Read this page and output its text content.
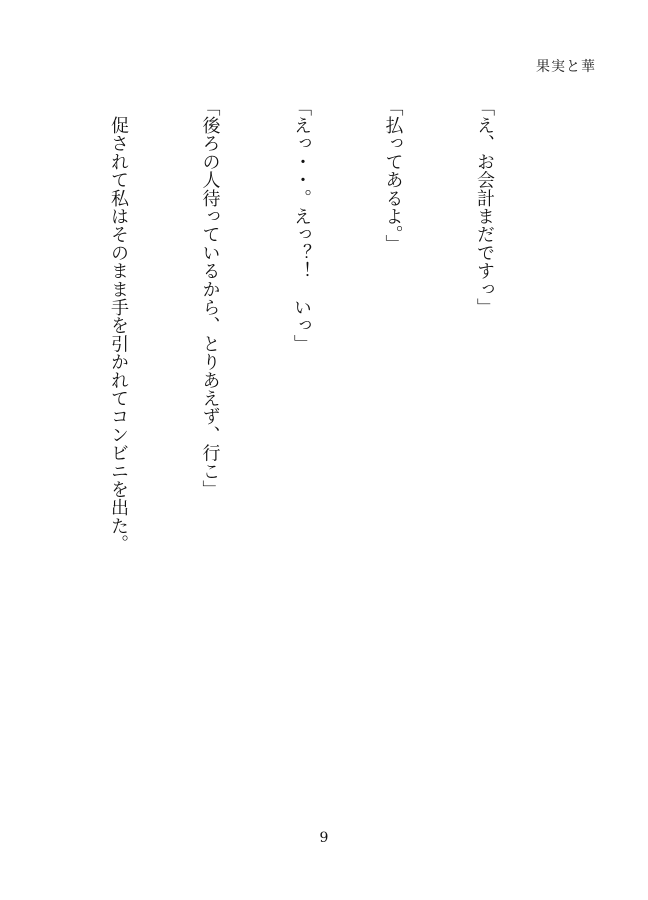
果実と華

「え、お会計まだですっ」

「払ってあるよ。」

「えっ・・。えっ？！　いっ」

「後ろの人待っているから、とりあえず、行こ」

　促されて私はそのまま手を引かれてコンビニを出た。

9
